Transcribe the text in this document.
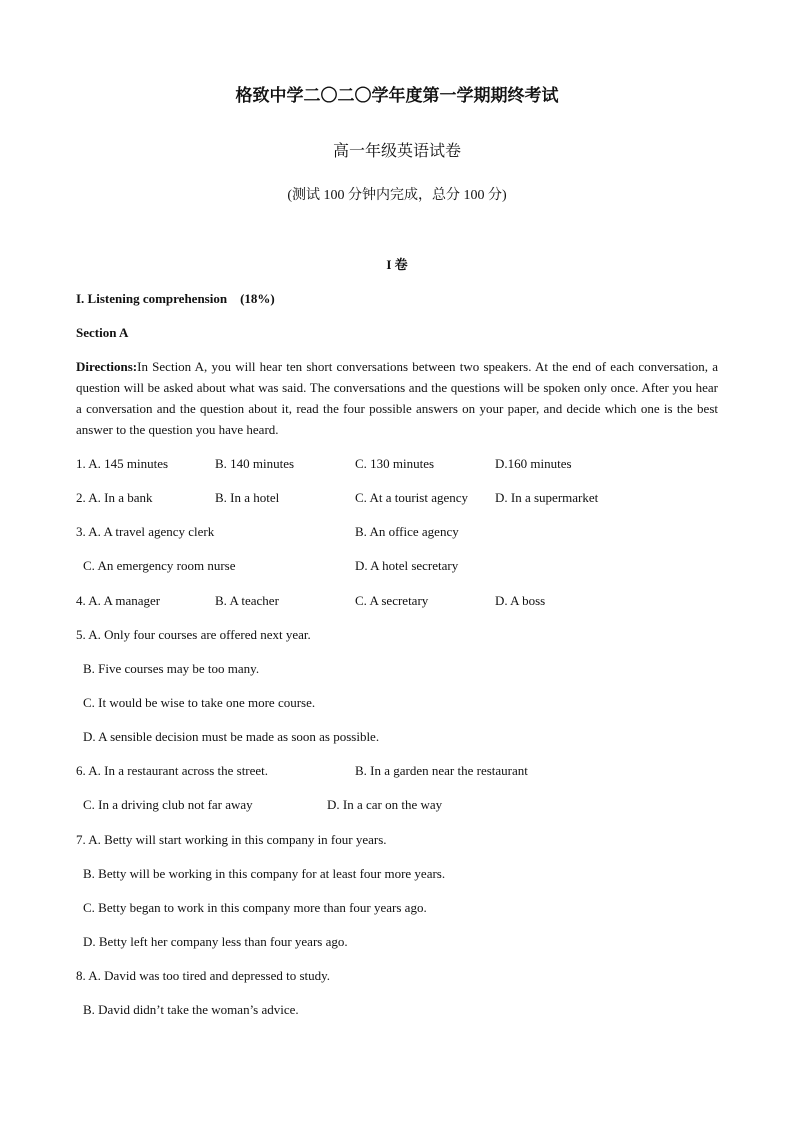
格致中学二〇二〇学年度第一学期期终考试
高一年级英语试卷
(测试 100 分钟内完成，总分 100 分)
I 卷
I. Listening comprehension    (18%)
Section A
Directions:In Section A, you will hear ten short conversations between two speakers. At the end of each conversation, a question will be asked about what was said. The conversations and the questions will be spoken only once. After you hear a conversation and the question about it, read the four possible answers on your paper, and decide which one is the best answer to the question you have heard.
1. A. 145 minutes	B. 140 minutes	C. 130 minutes	D.160 minutes
2. A. In a bank	B. In a hotel	C. At a tourist agency D. In a supermarket
3. A. A travel agency clerk	B. An office agency
C. An emergency room nurse	D. A hotel secretary
4. A. A manager	B. A teacher	C. A secretary	D. A boss
5. A. Only four courses are offered next year.
B. Five courses may be too many.
C. It would be wise to take one more course.
D. A sensible decision must be made as soon as possible.
6. A. In a restaurant across the street.	B. In a garden near the restaurant
C. In a driving club not far away	D. In a car on the way
7. A. Betty will start working in this company in four years.
B. Betty will be working in this company for at least four more years.
C. Betty began to work in this company more than four years ago.
D. Betty left her company less than four years ago.
8. A. David was too tired and depressed to study.
B. David didn’t take the woman’s advice.
